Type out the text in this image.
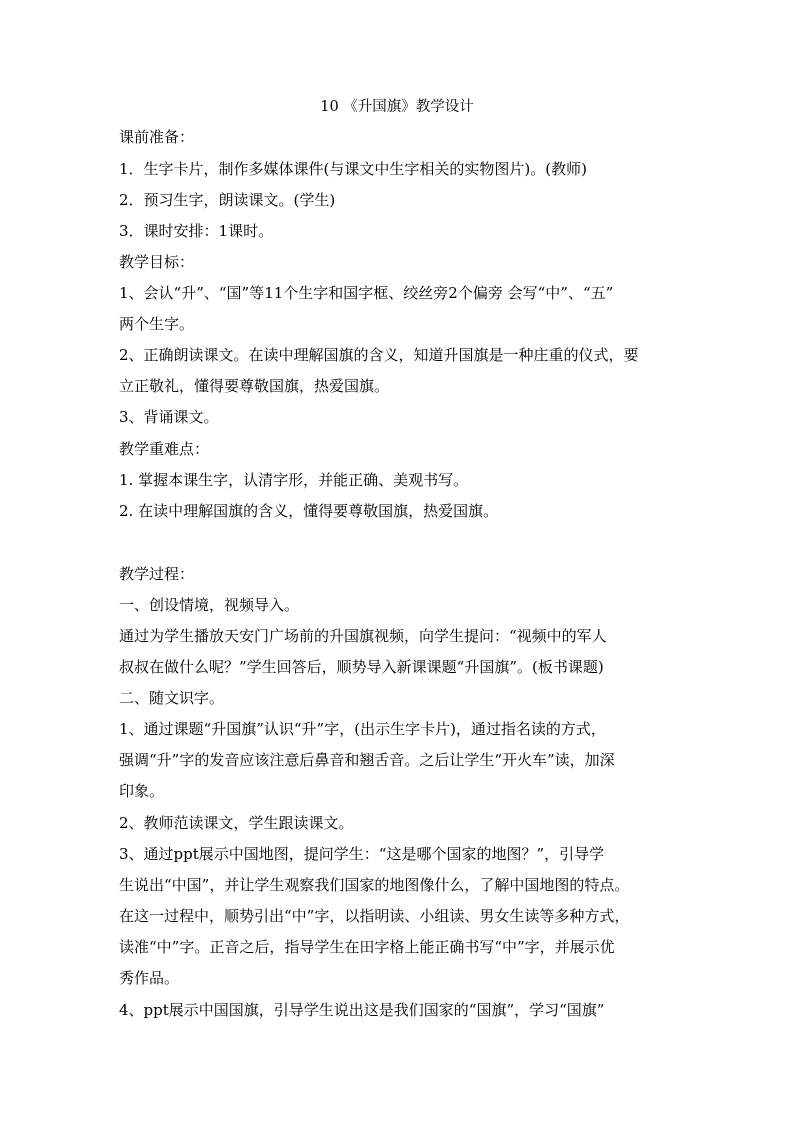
10 《升国旗》教学设计
课前准备：
1．生字卡片，制作多媒体课件(与课文中生字相关的实物图片)。(教师)
2．预习生字，朗读课文。(学生)
3．课时安排：1课时。
教学目标：
1、会认“升”、“国”等11个生字和国字框、绞丝旁2个偏旁 会写“中”、“五”
两个生字。
2、正确朗读课文。在读中理解国旗的含义，知道升国旗是一种庄重的仪式，要
立正敬礼，懂得要尊敬国旗，热爱国旗。
3、背诵课文。
教学重难点：
1. 掌握本课生字，认清字形，并能正确、美观书写。
2. 在读中理解国旗的含义，懂得要尊敬国旗，热爱国旗。
教学过程：
一、创设情境，视频导入。
通过为学生播放天安门广场前的升国旗视频，向学生提问：“视频中的军人
叔叔在做什么呢？”学生回答后，顺势导入新课课题“升国旗”。(板书课题)
二、随文识字。
1、通过课题“升国旗”认识“升”字，(出示生字卡片)，通过指名读的方式，
强调“升”字的发音应该注意后鼻音和翘舌音。之后让学生“开火车”读，加深
印象。
2、教师范读课文，学生跟读课文。
3、通过ppt展示中国地图，提问学生：“这是哪个国家的地图？”，引导学
生说出“中国”，并让学生观察我们国家的地图像什么，了解中国地图的特点。
在这一过程中，顺势引出“中”字，以指明读、小组读、男女生读等多种方式，
读准“中”字。正音之后，指导学生在田字格上能正确书写“中”字，并展示优
秀作品。
4、ppt展示中国国旗，引导学生说出这是我们国家的“国旗”，学习“国旗”
